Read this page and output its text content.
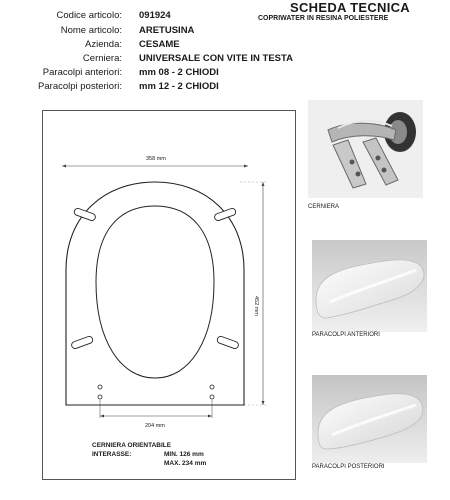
SCHEDA TECNICA
COPRIWATER IN RESINA POLIESTERE
Codice articolo: 091924
Nome articolo: ARETUSINA
Azienda: CESAME
Cerniera: UNIVERSALE CON VITE IN TESTA
Paracolpi anteriori: mm 08 - 2 CHIODI
Paracolpi posteriori: mm 12 - 2 CHIODI
358 mm
452 mm
204 mm
CERNIERA ORIENTABILE
INTERASSE:	MIN. 126 mm
MAX. 234 mm
CERNIERA
PARACOLPI ANTERIORI
PARACOLPI POSTERIORI
